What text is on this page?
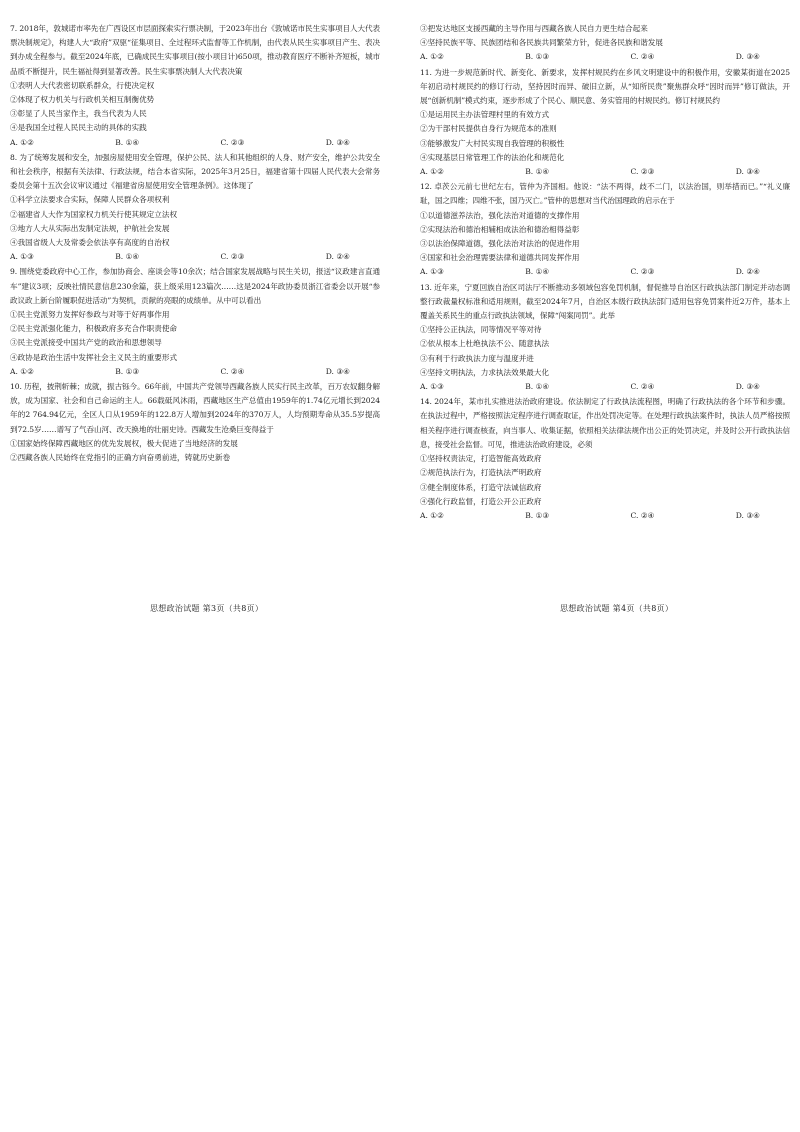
7. 2018年，敦城诺市率先在广西设区市层面探索实行票决制，于2023年出台《敦城诺市民生实事项目人大代表票决制规定》，构建人大“政府”双驱“征集项目、全过程环式监督等工作机制，由代表从民生实事项目产生、表决到办成全程参与。截至2024年底，已确成民生实事项目(按小项目计)650项，推动教育医疗不断补齐短板，城市品质不断提升，民生福祉得到显著改善。民生实事票决制人大代表决策
①表明人大代表密切联系群众，行使决定权
②体现了权力机关与行政机关相互制衡优势
③彰显了人民当家作主，我当代表为人民
④是我国全过程人民民主动的具体的实践
A. ①②	B. ①④	C. ②③	D. ③④
8. 为了统筹发展和安全，加强房屋使用安全管理，保护公民、法人和其他组织的人身、财产安全，维护公共安全和社会秩序，根据有关法律、行政法规，结合本省实际，2025年3月25日，福建省第十四届人民代表大会常务委员会第十五次会议审议通过《福建省房屋使用安全管理条例》。这体现了
①科学立法要求合实际，保障人民群众各项权利
②福建省人大作为国家权力机关行使其规定立法权
③地方人大从实际出发制定法规，护航社会发展
④我国省级人大及常委会依法享有高度的自治权
A. ①③	B. ①④	C. ②③	D. ②④
9. 围绕党委政府中心工作，参加协商会、座谈会等10余次；结合国家发展战略与民生关切，报送“议政建言直通车”建议3项；反映社情民意信息230余篇，获上级采用123篇次……这是2024年政协委员浙江省委会以开展“参政议政上新台阶履职促进活动”为契机，贡献的亮眼的成绩单。从中可以看出
①民主党派努力发挥好参政与对等于好两事作用
②民主党派强化能力，积极政府多充合作职责使命
③民主党派接受中国共产党的政治和思想领导
④政协是政治生活中发挥社会主义民主的重要形式
A. ①②	B. ①③	C. ②④	D. ③④
10. 历程，披荆斩棘；成就，振古铄今。66年前，中国共产党领导西藏各族人民实行民主改革，百万农奴翻身解放，成为国家、社会和自己命运的主人。66载砥风沐雨，西藏地区生产总值由1959年的1.74亿元增长到2024年的2 764.94亿元，全区人口从1959年的122.8万人增加到2024年的370万人，人均预期寿命从35.5岁提高到72.5岁……谱写了气吞山河、改天换地的壮丽史诗。西藏发生沧桑巨变得益于
①国家始终保障西藏地区的优先发展权，极大促进了当地经济的发展
②西藏各族人民始终在党指引的正确方向奋勇前进，铸就历史新卷
③把发达地区支援西藏的主导作用与西藏各族人民自力更生结合起来
④坚持民族平等、民族团结和各民族共同繁荣方针，促进各民族和谐发展
A. ①②	B. ①③	C. ②④	D. ③④
11. 为进一步规范新时代、新变化、新要求，发挥村规民约在乡风文明建设中的积极作用，安徽某街道在2025年初启动村规民约的修订行动，坚持因时而异、破旧立新，从“知所民贵”聚焦群众呼“因时而异”修订做法，开展“创新机制”模式约束，逐步形成了个民心、顺民意、务实管用的村规民约。修订村规民约
①是运用民主办法管理村里的有效方式
②为干部村民提供自身行为规范本的准则
③能够激发广大村民实现自我管理的积极性
④实现基层日常管理工作的法治化和规范化
A. ①②	B. ①④	C. ②③	D. ③④
12. 卓茨公元前七世纪左右，管仲为齐国相。他说：“法不两得，歧不二门，以法治国，则举措而已。”“礼义廉耻，国之四维；四维不张，国乃灭亡。”管仲的思想对当代治国理政的启示在于
①以道德滋养法治，强化法治对道德的支撑作用
②实现法治和德治相辅相成法治和德治相得益彰
③以法治保障道德，强化法治对法治的促进作用
④国家和社会治理需要法律和道德共同发挥作用
A. ①③	B. ①④	C. ②③	D. ②④
13. 近年来，宁夏回族自治区司法厅不断推动多领域包容免罚机制，督促推导自治区行政执法部门制定并动态调整行政裁量权标准和适用规则，截至2024年7月，自治区本级行政执法部门适用包容免罚案件近2万件，基本上覆盖关系民生的重点行政执法领域，保障“闯案同罚”。此举
①坚持公正执法，同等情况平等对待
②依从根本上杜绝执法不公、随意执法
③有利于行政执法力度与温度并进
④坚持文明执法，力求执法效果最大化
A. ①③	B. ①④	C. ②④	D. ③④
14. 2024年，某市扎实推进法治政府建设。依法制定了行政执法流程图，明确了行政执法的各个环节和步骤。在执法过程中，严格按照法定程序进行调查取证，作出处罚决定等。在处理行政执法案件时，执法人员严格按照相关程序进行调查核查，向当事人、收集证据，依照相关法律法规作出公正的处罚决定，并及时公开行政执法信息，接受社会监督。可见，推进法治政府建设，必须
①坚持权责法定，打造智能高效政府
②规范执法行为，打造执法严明政府
③健全制度体系，打造守法诚信政府
④强化行政监督，打造公开公正政府
A. ①②	B. ①③	C. ②④	D. ③④
思想政治试题 第3页（共8页）	思想政治试题 第4页（共8页）
